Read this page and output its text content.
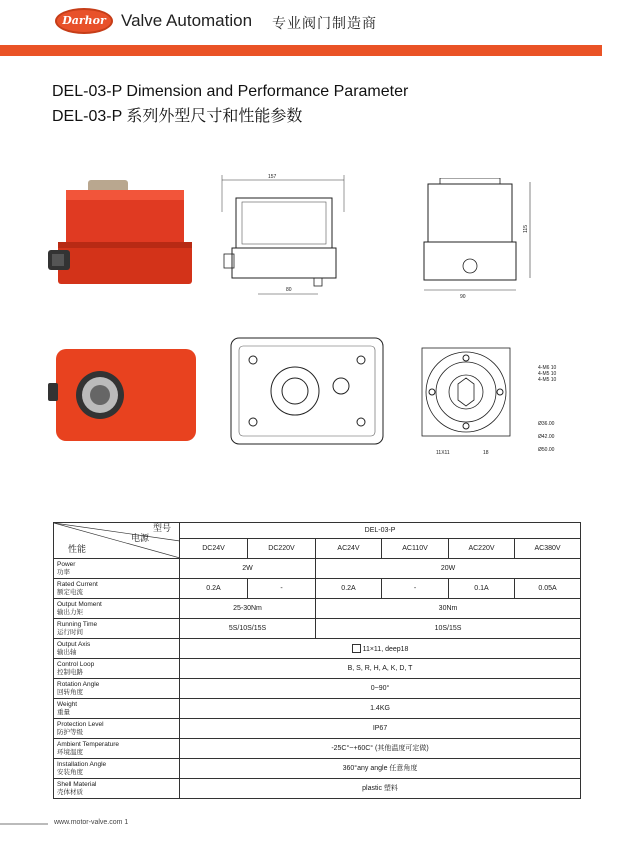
Darhor Valve Automation 专业阀门制造商
DEL-03-P Dimension and Performance Parameter
DEL-03-P 系列外型尺寸和性能参数
157
80
115
90
4-M6 10
4-M5 10
4-M5 10
Ø36.00
Ø42.00
Ø50.00
11X11	18
型号
电源
性能	DEL-03-P					
	DC24V	DC220V	AC24V	AC110V	AC220V	AC380V

Power
功率	2W		20W			

Rated Current
额定电流	0.2A	-	0.2A	-	0.1A	0.05A

Output Moment
输出力矩	25-30Nm		30Nm			

Running Time
运行时间	5S/10S/15S		10S/15S			

Output Axis
输出轴	11×11, deep18					

Control Loop
控制电路	B, S, R, H, A, K, D, T					

Rotation Angle
回转角度	0~90°					

Weight
重量	1.4KG					

Protection Level
防护等级	IP67					

Ambient Temperature
环境温度	-25C°~+60C° (其他温度可定做)					

Installation Angle
安装角度	360°any angle 任意角度					

Shell Material
壳体材质	plastic 塑料					
www.motor-valve.com 1
